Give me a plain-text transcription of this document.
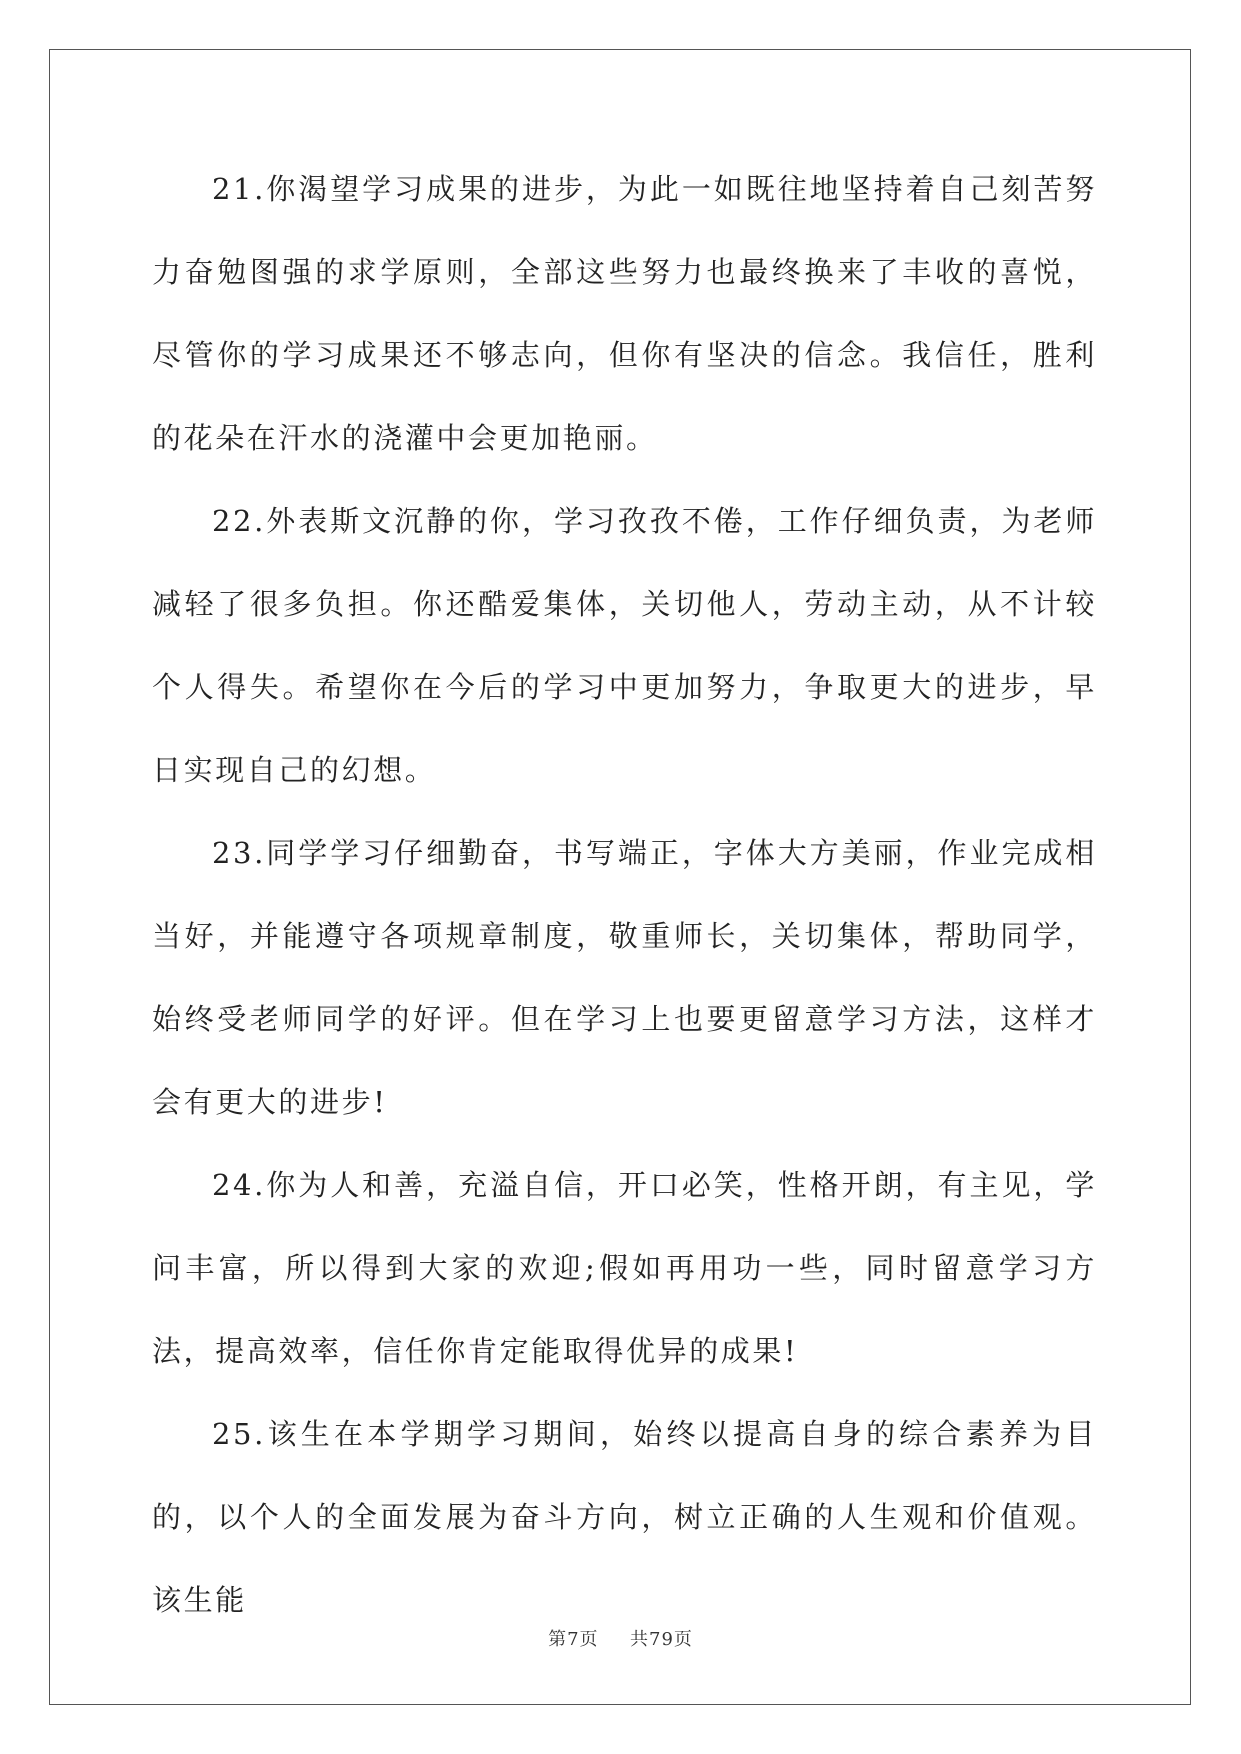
21.你渴望学习成果的进步，为此一如既往地坚持着自己刻苦努力奋勉图强的求学原则，全部这些努力也最终换来了丰收的喜悦，尽管你的学习成果还不够志向，但你有坚决的信念。我信任，胜利的花朵在汗水的浇灌中会更加艳丽。

22.外表斯文沉静的你，学习孜孜不倦，工作仔细负责，为老师减轻了很多负担。你还酷爱集体，关切他人，劳动主动，从不计较个人得失。希望你在今后的学习中更加努力，争取更大的进步，早日实现自己的幻想。

23.同学学习仔细勤奋，书写端正，字体大方美丽，作业完成相当好，并能遵守各项规章制度，敬重师长，关切集体，帮助同学，始终受老师同学的好评。但在学习上也要更留意学习方法，这样才会有更大的进步!

24.你为人和善，充溢自信，开口必笑，性格开朗，有主见，学问丰富，所以得到大家的欢迎;假如再用功一些，同时留意学习方法，提高效率，信任你肯定能取得优异的成果!

25.该生在本学期学习期间，始终以提高自身的综合素养为目的，以个人的全面发展为奋斗方向，树立正确的人生观和价值观。该生能

第7页 共79页
